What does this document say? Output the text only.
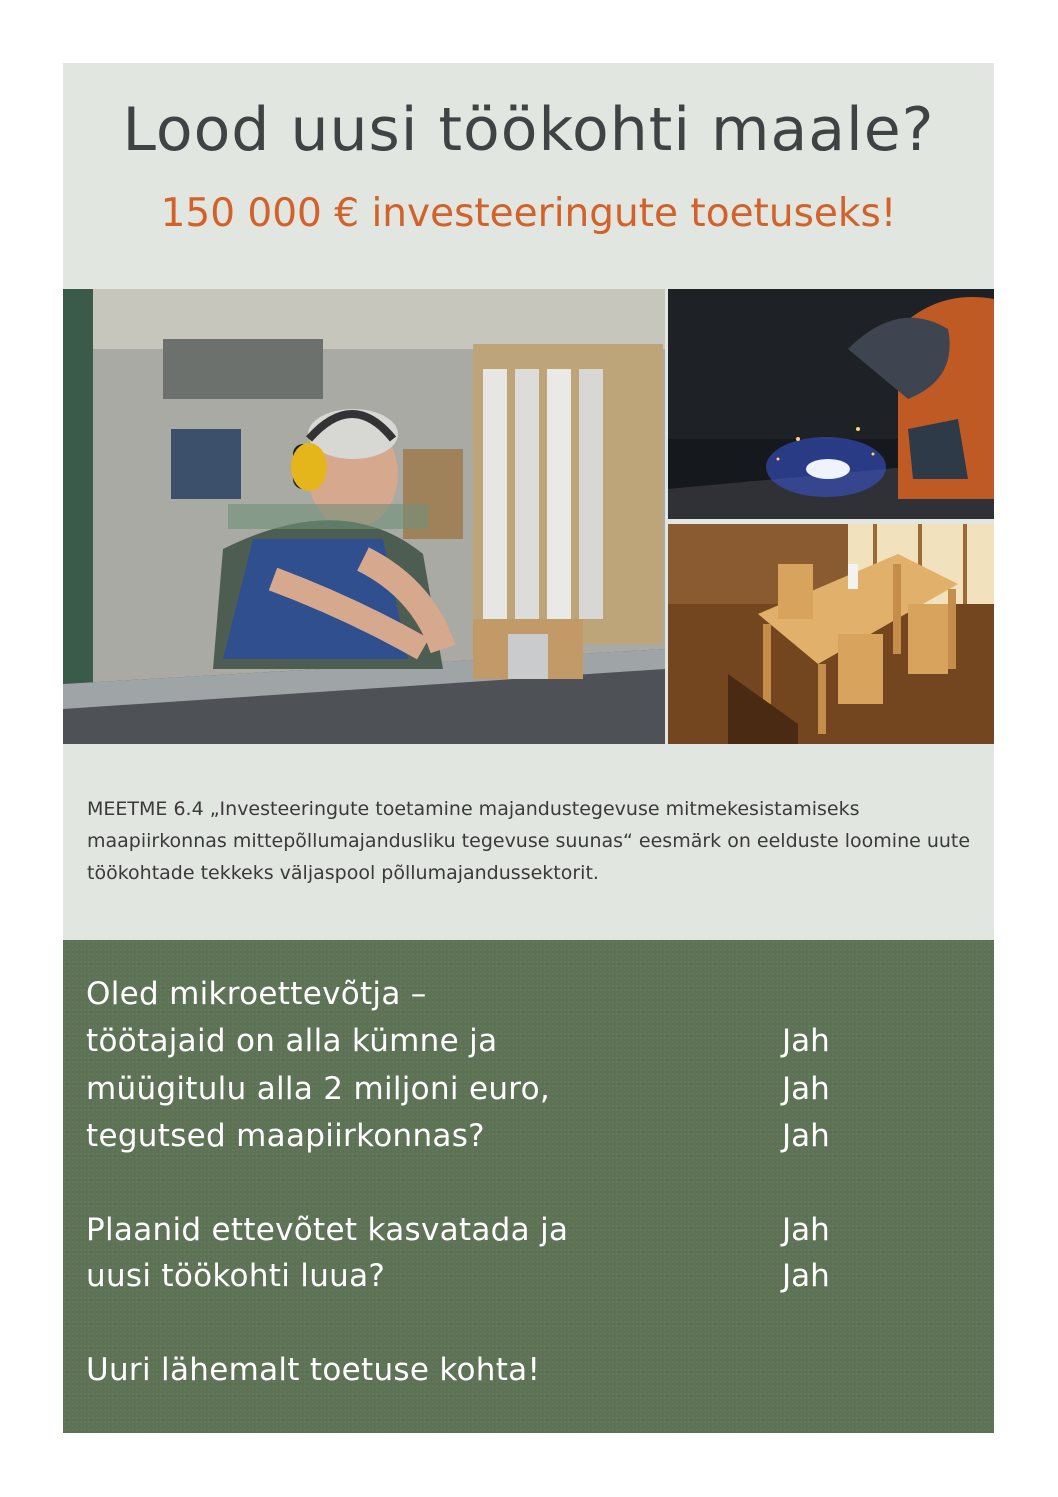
Lood uusi töökohti maale?
150 000 € investeeringute toetuseks!

MEETME 6.4 „Investeeringute toetamine majandustegevuse mitmekesistamiseks maapiirkonnas mittepõllumajandusliku tegevuse suunas“ eesmärk on eelduste loomine uute töökohtade tekkeks väljaspool põllumajandussektorit.

Oled mikroettevõtja –

töötajaid on alla kümne ja	Jah

müügitulu alla 2 miljoni euro,	Jah

tegutsed maapiirkonnas?	Jah

Plaanid ettevõtet kasvatada ja	Jah

uusi töökohti luua?	Jah

Uuri lähemalt toetuse kohta!
